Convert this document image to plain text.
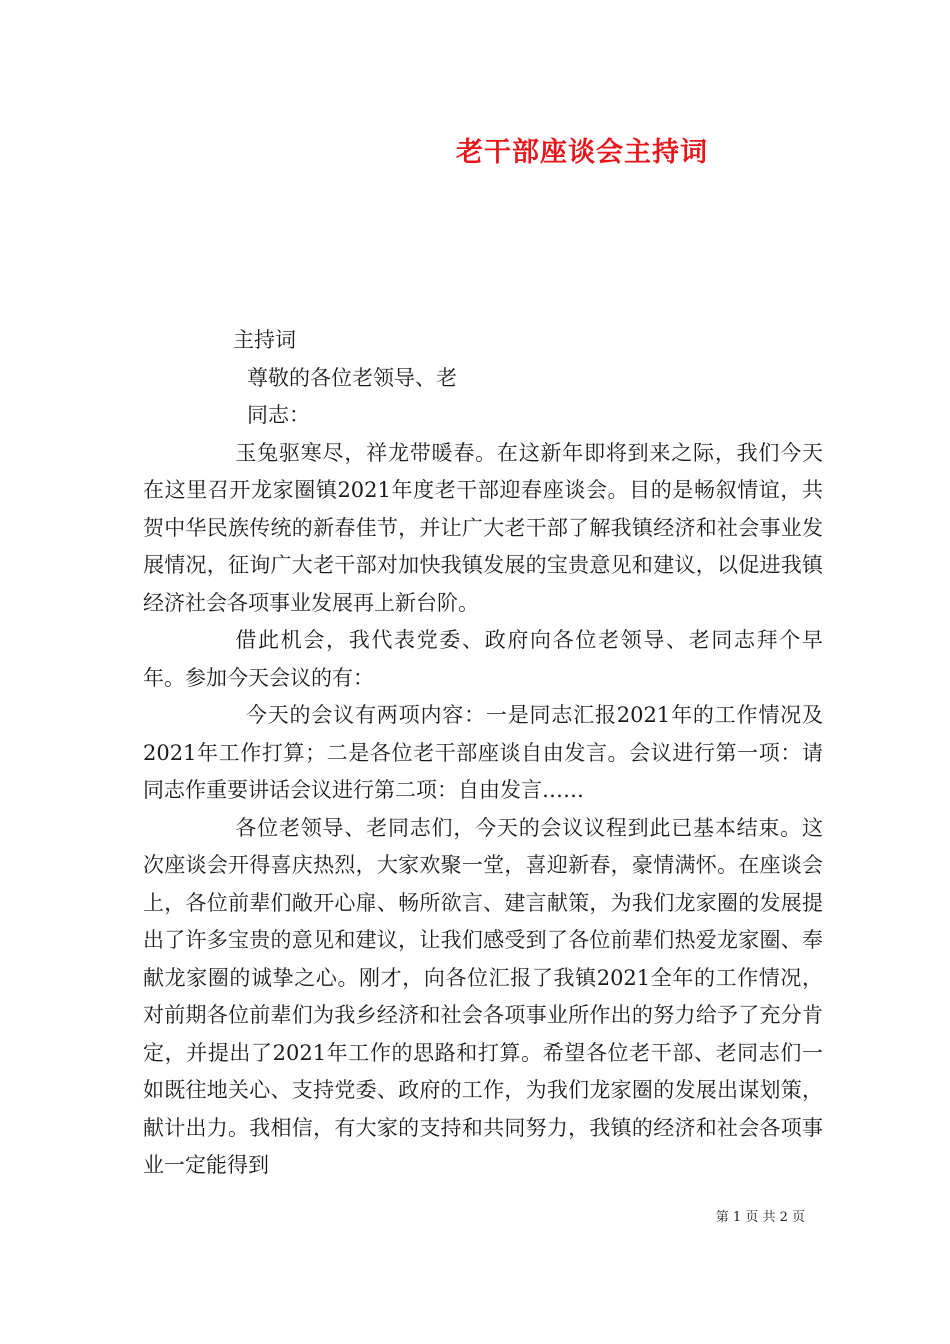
老干部座谈会主持词
主持词
尊敬的各位老领导、老
同志：

玉兔驱寒尽，祥龙带暖春。在这新年即将到来之际，我们今天在这里召开龙家圈镇2021年度老干部迎春座谈会。目的是畅叙情谊，共贺中华民族传统的新春佳节，并让广大老干部了解我镇经济和社会事业发展情况，征询广大老干部对加快我镇发展的宝贵意见和建议，以促进我镇经济社会各项事业发展再上新台阶。

借此机会，我代表党委、政府向各位老领导、老同志拜个早年。参加今天会议的有：

今天的会议有两项内容：一是同志汇报2021年的工作情况及2021年工作打算；二是各位老干部座谈自由发言。会议进行第一项：请同志作重要讲话会议进行第二项：自由发言……

各位老领导、老同志们，今天的会议议程到此已基本结束。这次座谈会开得喜庆热烈，大家欢聚一堂，喜迎新春，豪情满怀。在座谈会上，各位前辈们敞开心扉、畅所欲言、建言献策，为我们龙家圈的发展提出了许多宝贵的意见和建议，让我们感受到了各位前辈们热爱龙家圈、奉献龙家圈的诚挚之心。刚才，向各位汇报了我镇2021全年的工作情况，对前期各位前辈们为我乡经济和社会各项事业所作出的努力给予了充分肯定，并提出了2021年工作的思路和打算。希望各位老干部、老同志们一如既往地关心、支持党委、政府的工作，为我们龙家圈的发展出谋划策，献计出力。我相信，有大家的支持和共同努力，我镇的经济和社会各项事业一定能得到

第 1 页 共 2 页
